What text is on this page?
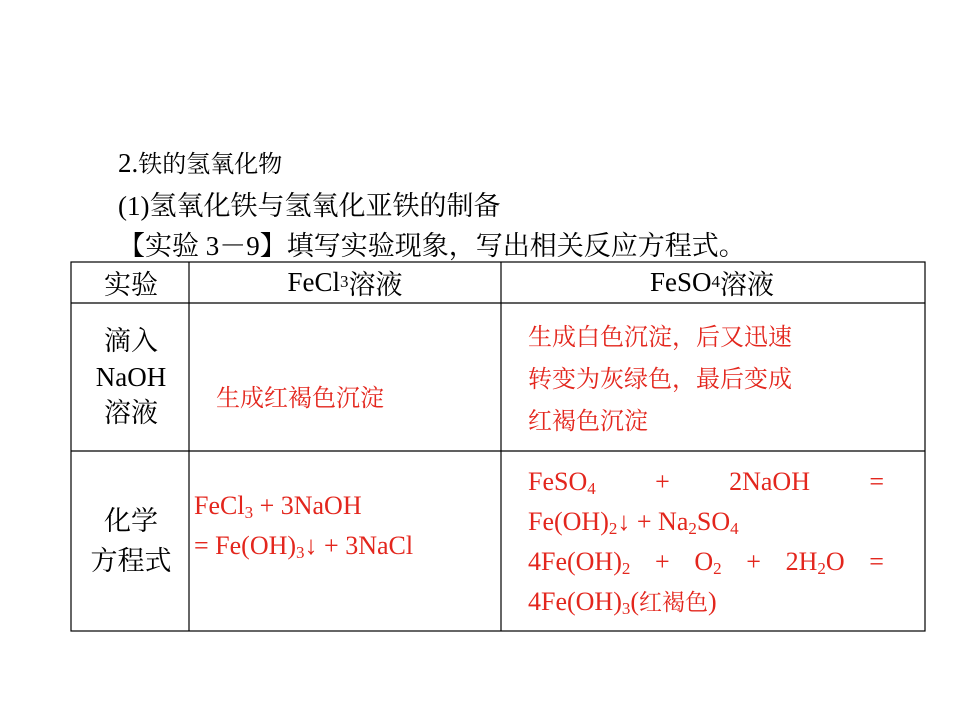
2.铁的氢氧化物
(1)氢氧化铁与氢氧化亚铁的制备
【实验 3－9】填写实验现象，写出相关反应方程式。
实验	FeCl 3 溶液	FeSO 4 溶液
滴入
NaOH
溶液 生成红褐色沉淀
生成白色沉淀，后又迅速
转变为灰绿色，最后变成
红褐色沉淀
化学
方程式
FeCl$_3$ + 3NaOH
= $Fe(OH)_3↓$ + 3NaCl
FeSO$_4$ + 2NaOH =
$Fe(OH)_2↓ + Na_2SO_4$
$4Fe(OH)_2 + O_2 + 2H_2O$ =
$4Fe(OH)_3$(红褐色)
